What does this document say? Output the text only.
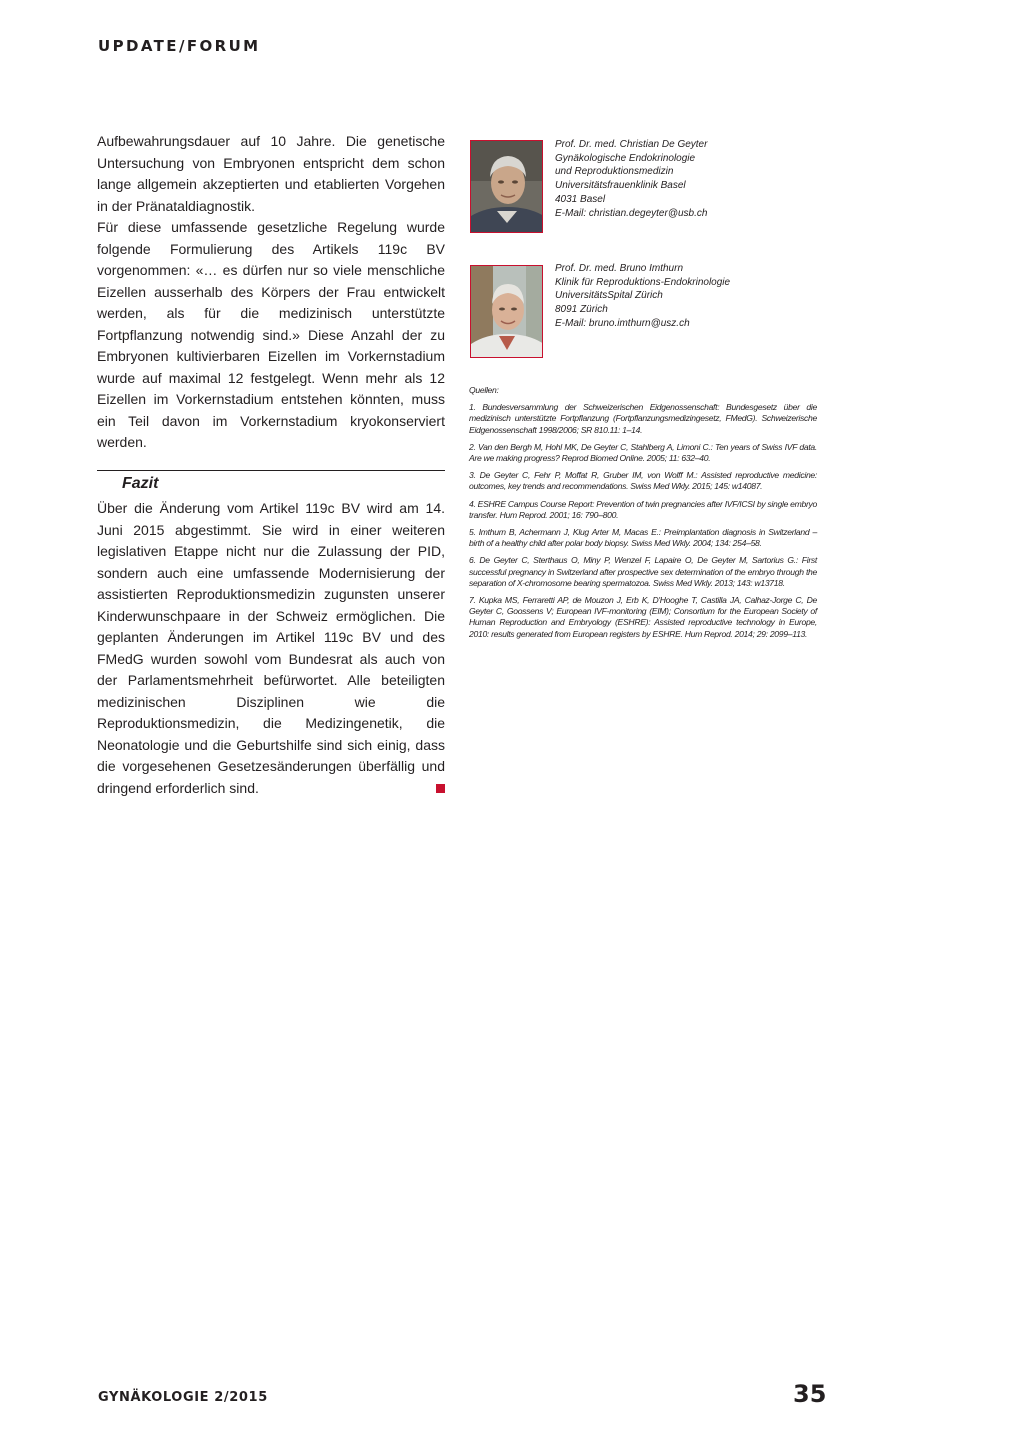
UPDATE/FORUM

Aufbewahrungsdauer auf 10 Jahre. Die genetische Untersuchung von Embryonen entspricht dem schon lange allgemein akzeptierten und etablierten Vorgehen in der Pränataldiagnostik.

Für diese umfassende gesetzliche Regelung wurde folgende Formulierung des Artikels 119c BV vorgenommen: «… es dürfen nur so viele menschliche Eizellen ausserhalb des Körpers der Frau entwickelt werden, als für die medizinisch unterstützte Fortpflanzung notwendig sind.» Diese Anzahl der zu Embryonen kultivierbaren Eizellen im Vorkernstadium wurde auf maximal 12 festgelegt. Wenn mehr als 12 Eizellen im Vorkernstadium entstehen könnten, muss ein Teil davon im Vorkernstadium kryokonserviert werden.

Fazit
Über die Änderung vom Artikel 119c BV wird am 14. Juni 2015 abgestimmt. Sie wird in einer weiteren legislativen Etappe nicht nur die Zulassung der PID, sondern auch eine umfassende Modernisierung der assistierten Reproduktionsmedizin zugunsten unserer Kinderwunschpaare in der Schweiz ermöglichen. Die geplanten Änderungen im Artikel 119c BV und des FMedG wurden sowohl vom Bundesrat als auch von der Parlamentsmehrheit befürwortet. Alle beteiligten medizinischen Disziplinen wie die Reproduktionsmedizin, die Medizingenetik, die Neonatologie und die Geburtshilfe sind sich einig, dass die vorgesehenen Gesetzesänderungen überfällig und dringend erforderlich sind.
Prof. Dr. med. Christian De Geyter
Gynäkologische Endokrinologie
und Reproduktionsmedizin
Universitätsfrauenklinik Basel
4031 Basel
E-Mail: christian.degeyter@usb.ch
Prof. Dr. med. Bruno Imthurn
Klinik für Reproduktions-Endokrinologie
UniversitätsSpital Zürich
8091 Zürich
E-Mail: bruno.imthurn@usz.ch
Quellen:
1. Bundesversammlung der Schweizerischen Eidgenossenschaft: Bundesgesetz über die medizinisch unterstützte Fortpflanzung (Fortpflanzungsmedizingesetz, FMedG). Schweizerische Eidgenossenschaft 1998/2006; SR 810.11: 1–14.
2. Van den Bergh M, Hohl MK, De Geyter C, Stahlberg A, Limoni C.: Ten years of Swiss IVF data. Are we making progress? Reprod Biomed Online. 2005; 11: 632–40.
3. De Geyter C, Fehr P, Moffat R, Gruber IM, von Wolff M.: Assisted reproductive medicine: outcomes, key trends and recommendations. Swiss Med Wkly. 2015; 145: w14087.
4. ESHRE Campus Course Report: Prevention of twin pregnancies after IVF/ICSI by single embryo transfer. Hum Reprod. 2001; 16: 790–800.
5. Imthurn B, Achermann J, Klug Arter M, Macas E.: Preimplantation diagnosis in Switzerland – birth of a healthy child after polar body biopsy. Swiss Med Wkly. 2004; 134: 254–58.
6. De Geyter C, Sterthaus O, Miny P, Wenzel F, Lapaire O, De Geyter M, Sartorius G.: First successful pregnancy in Switzerland after prospective sex determination of the embryo through the separation of X-chromosome bearing spermatozoa. Swiss Med Wkly. 2013; 143: w13718.
7. Kupka MS, Ferraretti AP, de Mouzon J, Erb K, D'Hooghe T, Castilla JA, Calhaz-Jorge C, De Geyter C, Goossens V; European IVF-monitoring (EIM); Consortium for the European Society of Human Reproduction and Embryology (ESHRE): Assisted reproductive technology in Europe, 2010: results generated from European registers by ESHRE. Hum Reprod. 2014; 29: 2099–113.
GYNÄKOLOGIE 2/2015	35
